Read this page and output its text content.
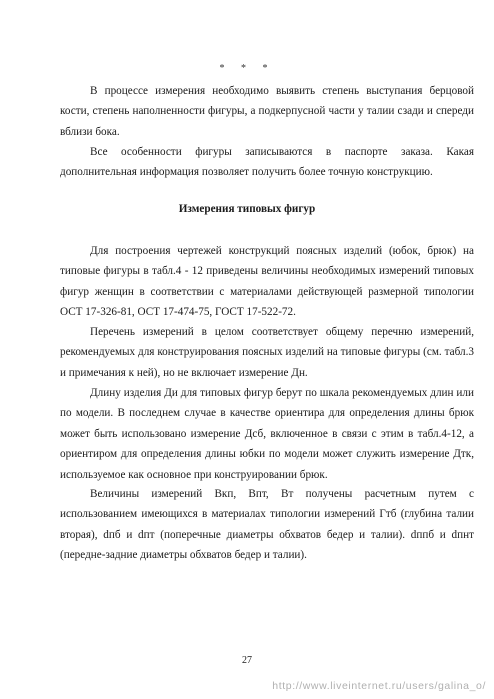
* * *

В процессе измерения необходимо выявить степень выступания берцовой кости, степень наполненности фигуры, а подкерпусной части у талии сзади и спереди вблизи бока.

Все особенности фигуры записываются в паспорте заказа. Какая дополнительная информация позволяет получить более точную конструкцию.

Измерения типовых фигур

Для построения чертежей конструкций поясных изделий (юбок, брюк) на типовые фигуры в табл.4 - 12 приведены величины необходимых измерений типовых фигур женщин в соответствии с материалами действующей размерной типологии ОСТ 17-326-81, ОСТ 17-474-75, ГОСТ 17-522-72.

Перечень измерений в целом соответствует общему перечню измерений, рекомендуемых для конструирования поясных изделий на типовые фигуры (см. табл.3 и примечания к ней), но не включает измерение Дн.

Длину изделия Ди для типовых фигур берут по шкала рекомендуемых длин или по модели. В последнем случае в качестве ориентира для определения длины брюк может быть использовано измерение Дсб, включенное в связи с этим в табл.4-12, а ориентиром для определения длины юбки по модели может служить измерение Дтк, используемое как основное при конструировании брюк.

Величины измерений Вкп, Впт, Вт получены расчетным путем с использованием имеющихся в материалах типологии измерений Гтб (глубина талии вторая), dпб и dпт (поперечные диаметры обхватов бедер и талии). dппб и dпнт (передне-задние диаметры обхватов бедер и талии).

27
http://www.liveinternet.ru/users/galina_o/
